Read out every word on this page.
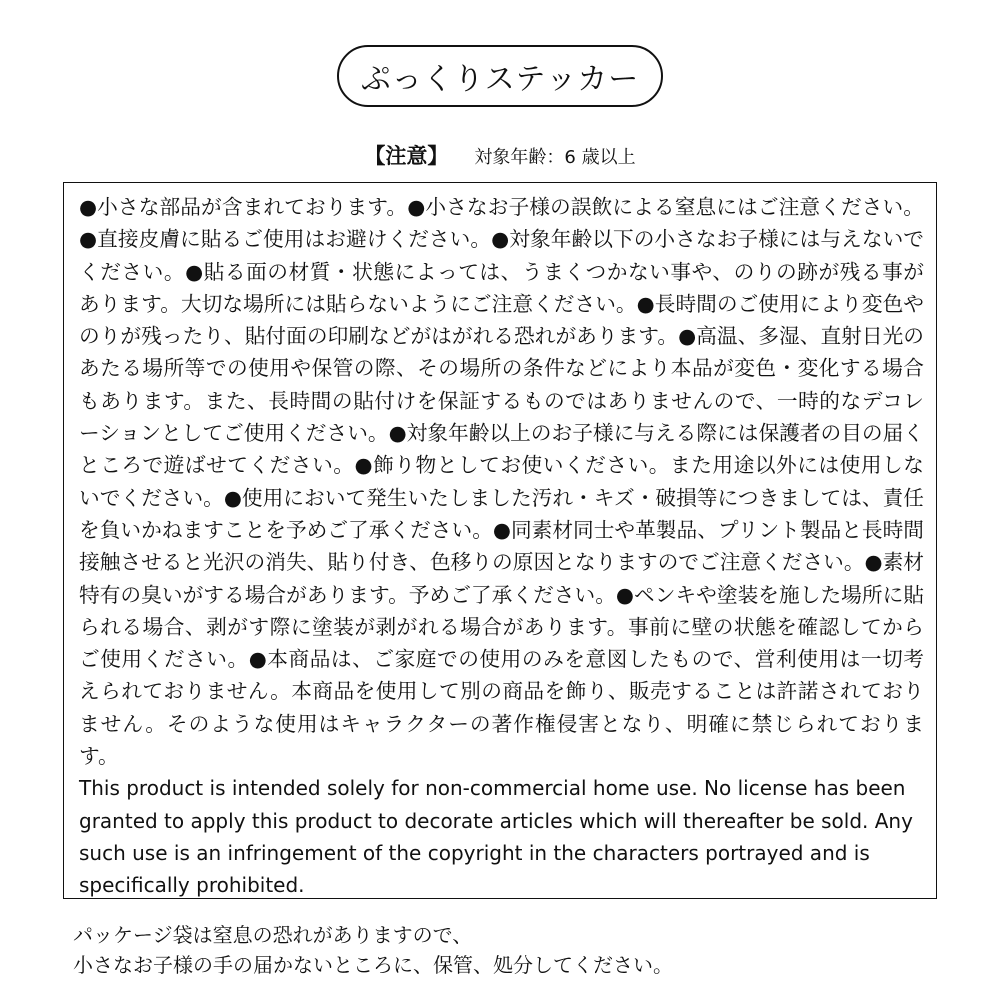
ぷっくりステッカー
【注意】 対象年齢：6 歳以上

●小さな部品が含まれております。●小さなお子様の誤飲による窒息にはご注意ください。●直接皮膚に貼るご使用はお避けください。●対象年齢以下の小さなお子様には与えないでください。●貼る面の材質・状態によっては、うまくつかない事や、のりの跡が残る事があります。大切な場所には貼らないようにご注意ください。●長時間のご使用により変色やのりが残ったり、貼付面の印刷などがはがれる恐れがあります。●高温、多湿、直射日光のあたる場所等での使用や保管の際、その場所の条件などにより本品が変色・変化する場合もあります。また、長時間の貼付けを保証するものではありませんので、一時的なデコレーションとしてご使用ください。●対象年齢以上のお子様に与える際には保護者の目の届くところで遊ばせてください。●飾り物としてお使いください。また用途以外には使用しないでください。●使用において発生いたしました汚れ・キズ・破損等につきましては、責任を負いかねますことを予めご了承ください。●同素材同士や革製品、プリント製品と長時間接触させると光沢の消失、貼り付き、色移りの原因となりますのでご注意ください。●素材特有の臭いがする場合があります。予めご了承ください。●ペンキや塗装を施した場所に貼られる場合、剥がす際に塗装が剥がれる場合があります。事前に壁の状態を確認してからご使用ください。●本商品は、ご家庭での使用のみを意図したもので、営利使用は一切考えられておりません。本商品を使用して別の商品を飾り、販売することは許諾されておりません。そのような使用はキャラクターの著作権侵害となり、明確に禁じられております。

This product is intended solely for non-commercial home use. No license has been granted to apply this product to decorate articles which will thereafter be sold. Any such use is an infringement of the copyright in the characters portrayed and is specifically prohibited.

パッケージ袋は窒息の恐れがありますので、
小さなお子様の手の届かないところに、保管、処分してください。
